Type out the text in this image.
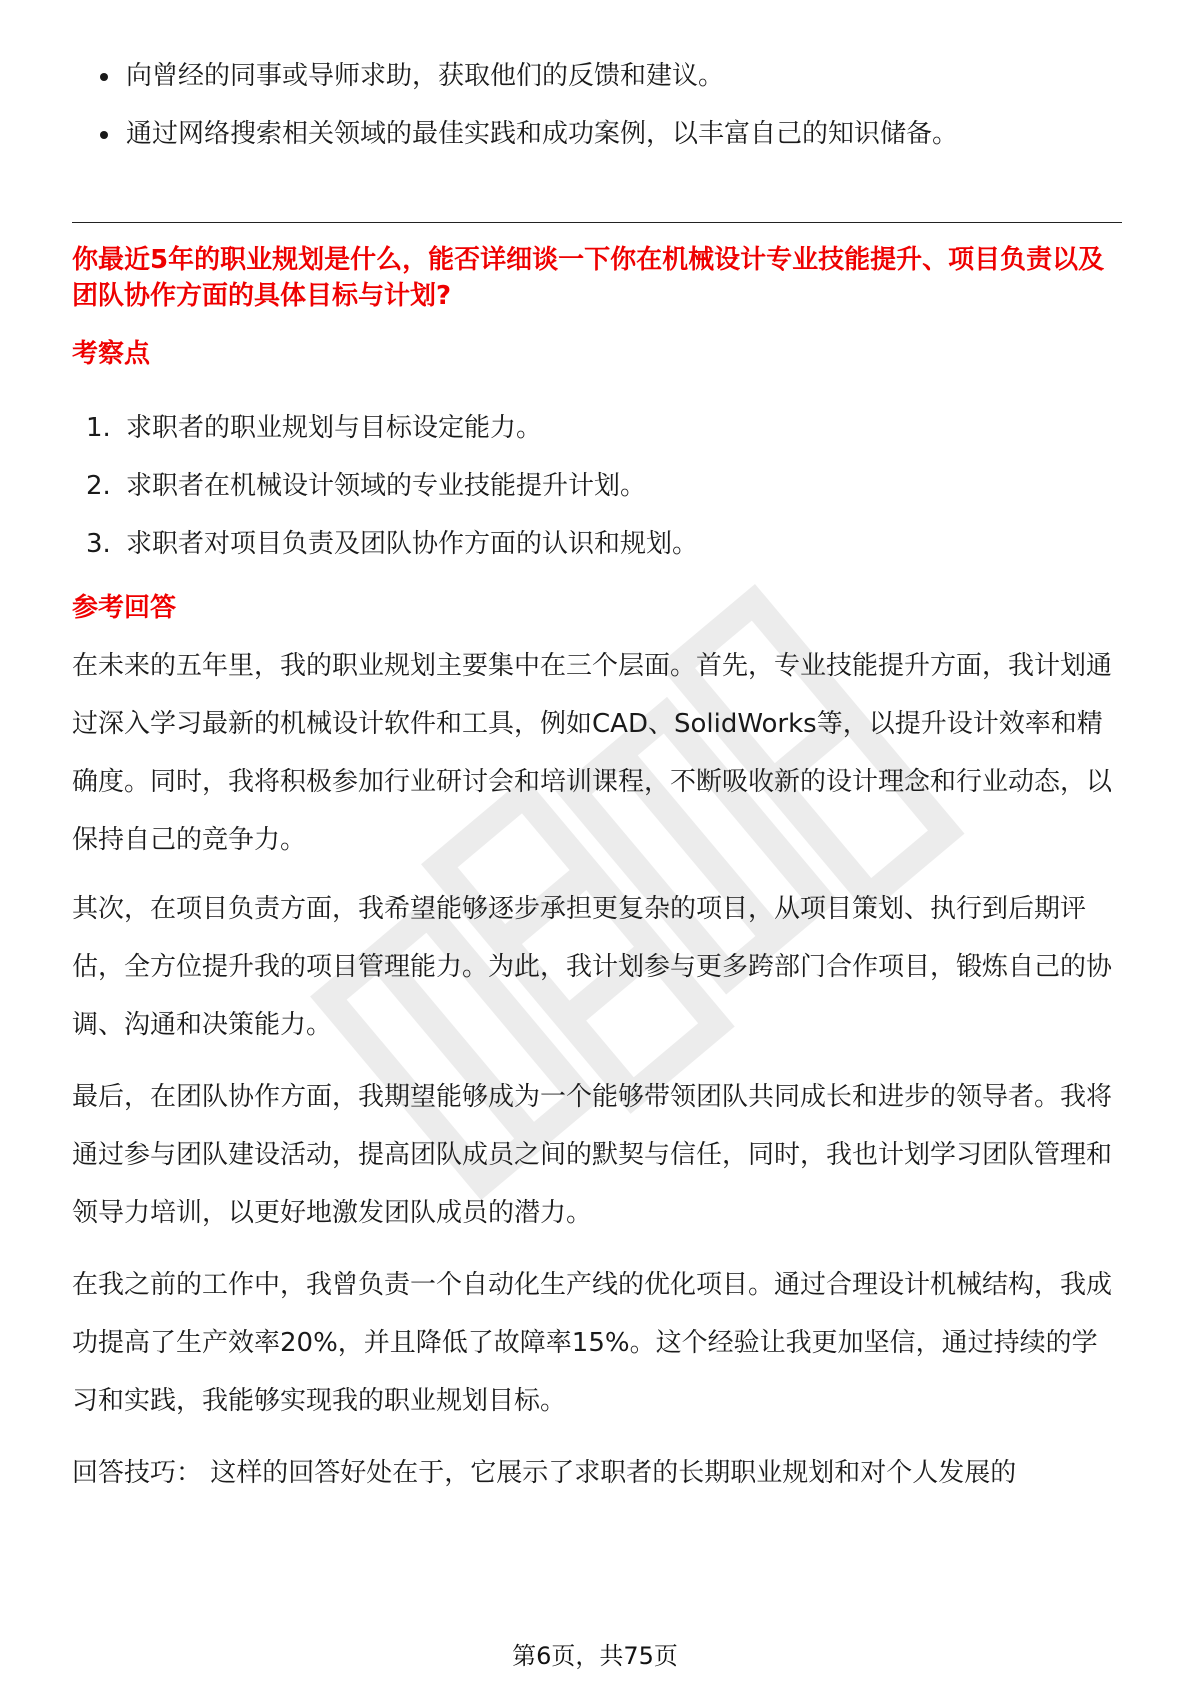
向曾经的同事或导师求助，获取他们的反馈和建议。
通过网络搜索相关领域的最佳实践和成功案例，以丰富自己的知识储备。
你最近5年的职业规划是什么，能否详细谈一下你在机械设计专业技能提升、项目负责以及团队协作方面的具体目标与计划?
考察点
1. 求职者的职业规划与目标设定能力。
2. 求职者在机械设计领域的专业技能提升计划。
3. 求职者对项目负责及团队协作方面的认识和规划。
参考回答

在未来的五年里，我的职业规划主要集中在三个层面。首先，专业技能提升方面，我计划通过深入学习最新的机械设计软件和工具，例如CAD、SolidWorks等，以提升设计效率和精确度。同时，我将积极参加行业研讨会和培训课程，不断吸收新的设计理念和行业动态，以保持自己的竞争力。

其次，在项目负责方面，我希望能够逐步承担更复杂的项目，从项目策划、执行到后期评估，全方位提升我的项目管理能力。为此，我计划参与更多跨部门合作项目，锻炼自己的协调、沟通和决策能力。

最后，在团队协作方面，我期望能够成为一个能够带领团队共同成长和进步的领导者。我将通过参与团队建设活动，提高团队成员之间的默契与信任，同时，我也计划学习团队管理和领导力培训，以更好地激发团队成员的潜力。

在我之前的工作中，我曾负责一个自动化生产线的优化项目。通过合理设计机械结构，我成功提高了生产效率20%，并且降低了故障率15%。这个经验让我更加坚信，通过持续的学习和实践，我能够实现我的职业规划目标。

回答技巧： 这样的回答好处在于，它展示了求职者的长期职业规划和对个人发展的

第6页，共75页
